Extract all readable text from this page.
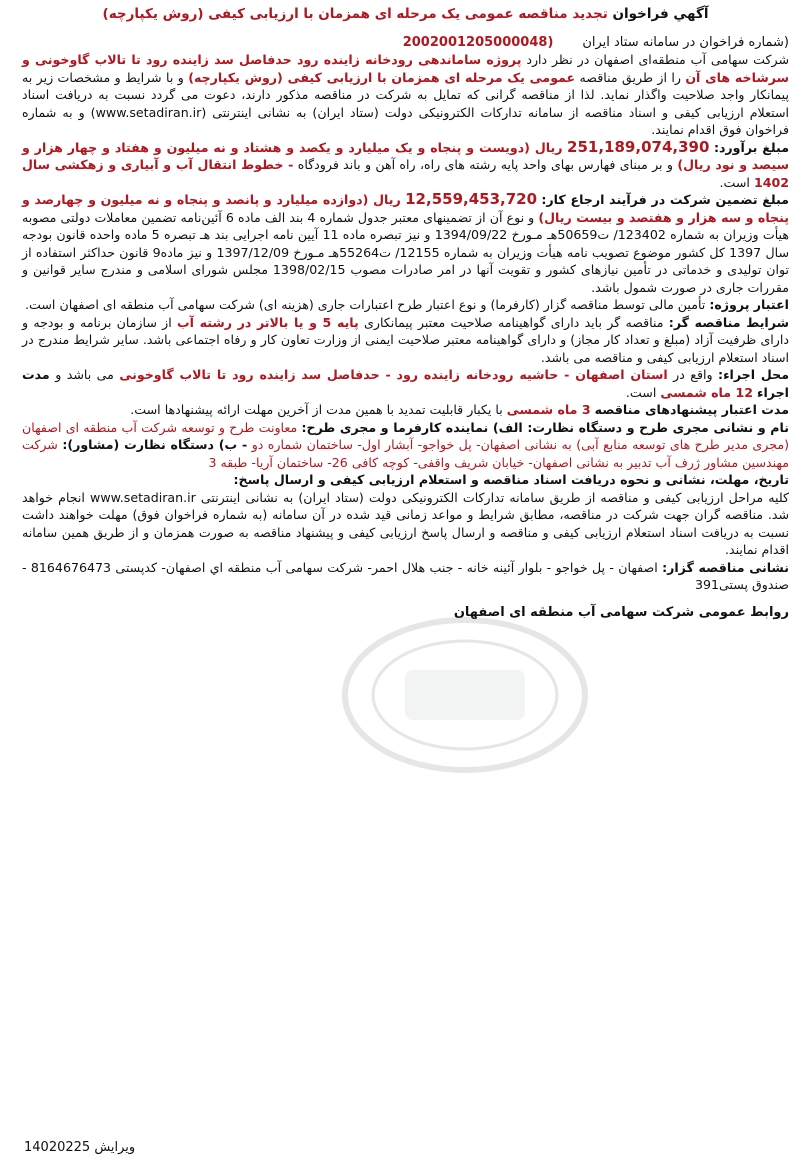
آگهي فراخوان تجدید مناقصه عمومی یک مرحله ای همزمان با ارزیابی کیفی (روش یکپارچه)

(شماره فراخوان در سامانه ستاد ایران       2002001205000048)

شرکت سهامی آب منطقه‌ای اصفهان در نظر دارد پروژه ساماندهی رودخانه زاینده رود حدفاصل سد زاینده رود تا تالاب گاوخونی و سرشاخه های آن را از طریق مناقصه عمومی یک مرحله ای همزمان با ارزیابی کیفی (روش یکپارچه) و با شرایط و مشخصات زیر به پیمانکار واجد صلاحیت واگذار نماید. لذا از مناقصه گرانی که تمایل به شرکت در مناقصه مذکور دارند، دعوت می گردد نسبت به دریافت اسناد استعلام ارزیابی کیفی و اسناد مناقصه از سامانه تدارکات الکترونیکی دولت (ستاد ایران) به نشانی اینترنتی (www.setadiran.ir) و به شماره فراخوان فوق اقدام نمایند.

مبلغ برآورد: 251,189,074,390 ریال (دویست و پنجاه و یک میلیارد و یکصد و هشتاد و نه میلیون و هفتاد و چهار هزار و سیصد و نود ریال) و بر مبنای فهارس بهای واحد پایه رشته های راه، راه آهن و باند فرودگاه - خطوط انتقال آب و آبیاری و زهکشی سال 1402 است.

مبلغ تضمین شرکت در فرآیند ارجاع کار: 12,559,453,720 ریال (دوازده میلیارد و پانصد و پنجاه و نه میلیون و چهارصد و پنجاه و سه هزار و هفتصد و بیست ریال) و نوع آن از تضمینهای معتبر جدول شماره 4 بند الف ماده 6 آئین‌نامه تضمین معاملات دولتی مصوبه هیأت وزیران به شماره 123402/ ت50659هـ مـورخ 1394/09/22 و نیز تبصره ماده 11 آیین نامه اجرایی بند هـ تبصره 5 ماده واحده قانون بودجه سال 1397 کل کشور موضوع تصویب نامه هیأت وزیران به شماره 12155/ ت55264هـ مـورخ 1397/12/09 و نیز ماده9 قانون حداکثر استفاده از توان تولیدی و خدماتی در تأمین نیازهای کشور و تقویت آنها در امر صادرات مصوب 1398/02/15 مجلس شورای اسلامی و مندرج سایر قوانین و مقررات جاری در صورت شمول باشد.

اعتبار پروژه: تأمین مالی توسط مناقصه گزار (کارفرما) و نوع اعتبار طرح اعتبارات جاری (هزینه ای) شرکت سهامی آب منطقه ای اصفهان است.

شرایط مناقصه گر: مناقصه گر باید دارای گواهینامه صلاحیت معتبر پیمانکاری پایه 5 و یا بالاتر در رشته آب از سازمان برنامه و بودجه و دارای ظرفیت آزاد (مبلغ و تعداد کار مجاز) و دارای گواهینامه معتبر صلاحیت ایمنی از وزارت تعاون کار و رفاه اجتماعی باشد. سایر شرایط مندرج در اسناد استعلام ارزیابی کیفی و مناقصه می باشد.

محل اجراء: واقع در استان اصفهان - حاشیه رودخانه زاینده رود - حدفاصل سد زاینده رود تا تالاب گاوخونی می باشد و مدت اجراء 12 ماه شمسی است.

مدت اعتبار پیشنهادهای مناقصه 3 ماه شمسی با یکبار قابلیت تمدید با همین مدت از آخرین مهلت ارائه پیشنهادها است.

نام و نشانی مجری طرح و دستگاه نظارت: الف) نماینده کارفرما و مجری طرح: معاونت طرح و توسعه شرکت آب منطقه ای اصفهان (مجری مدیر طرح های توسعه منابع آبی) به نشانی اصفهان- پل خواجو- آبشار اول- ساختمان شماره دو - ب) دستگاه نظارت (مشاور): شرکت مهندسین مشاور ژرف آب تدبیر به نشانی اصفهان- خیابان شریف واقفی- کوچه کافی 26- ساختمان آریا- طبقه 3

تاریخ، مهلت، نشانی و نحوه دریافت اسناد مناقصه و استعلام ارزیابی کیفی و ارسال پاسخ:
کلیه مراحل ارزیابی کیفی و مناقصه از طریق سامانه تدارکات الکترونیکی دولت (ستاد ایران) به نشانی اینترنتی www.setadiran.ir انجام خواهد شد. مناقصه گران جهت شرکت در مناقصه، مطابق شرایط و مواعد زمانی قید شده در آن سامانه (به شماره فراخوان فوق) مهلت خواهند داشت نسبت به دریافت اسناد استعلام ارزیابی کیفی و مناقصه و ارسال پاسخ ارزیابی کیفی و پیشنهاد مناقصه به صورت همزمان و از طریق همین سامانه اقدام نمایند.

نشانی مناقصه گزار: اصفهان - پل خواجو - بلوار آئینه خانه - جنب هلال احمر- شرکت سهامی آب منطقه اي اصفهان- کدپستی 8164676473 - صندوق پستی391

روابط عمومی شرکت سهامی آب منطقه ای اصفهان

ویرایش 14020225
